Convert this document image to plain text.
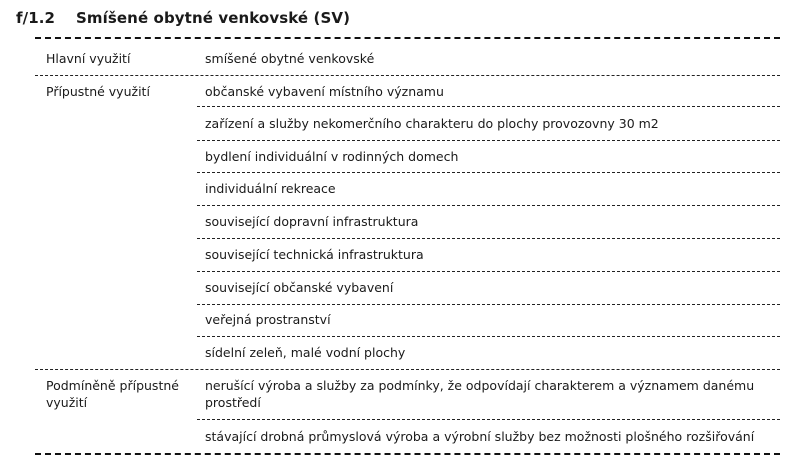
f/1.2 Smíšené obytné venkovské (SV)
Hlavní využití	smíšené obytné venkovské
Přípustné využití	občanské vybavení místního významu
zařízení a služby nekomerčního charakteru do plochy provozovny 30 m2
bydlení individuální v rodinných domech
individuální rekreace
související dopravní infrastruktura
související technická infrastruktura
související občanské vybavení
veřejná prostranství
sídelní zeleň, malé vodní plochy
Podmíněně přípustné využití
nerušící výroba a služby za podmínky, že odpovídají charakterem a významem danému prostředí
stávající drobná průmyslová výroba a výrobní služby bez možnosti plošného rozšiřování
